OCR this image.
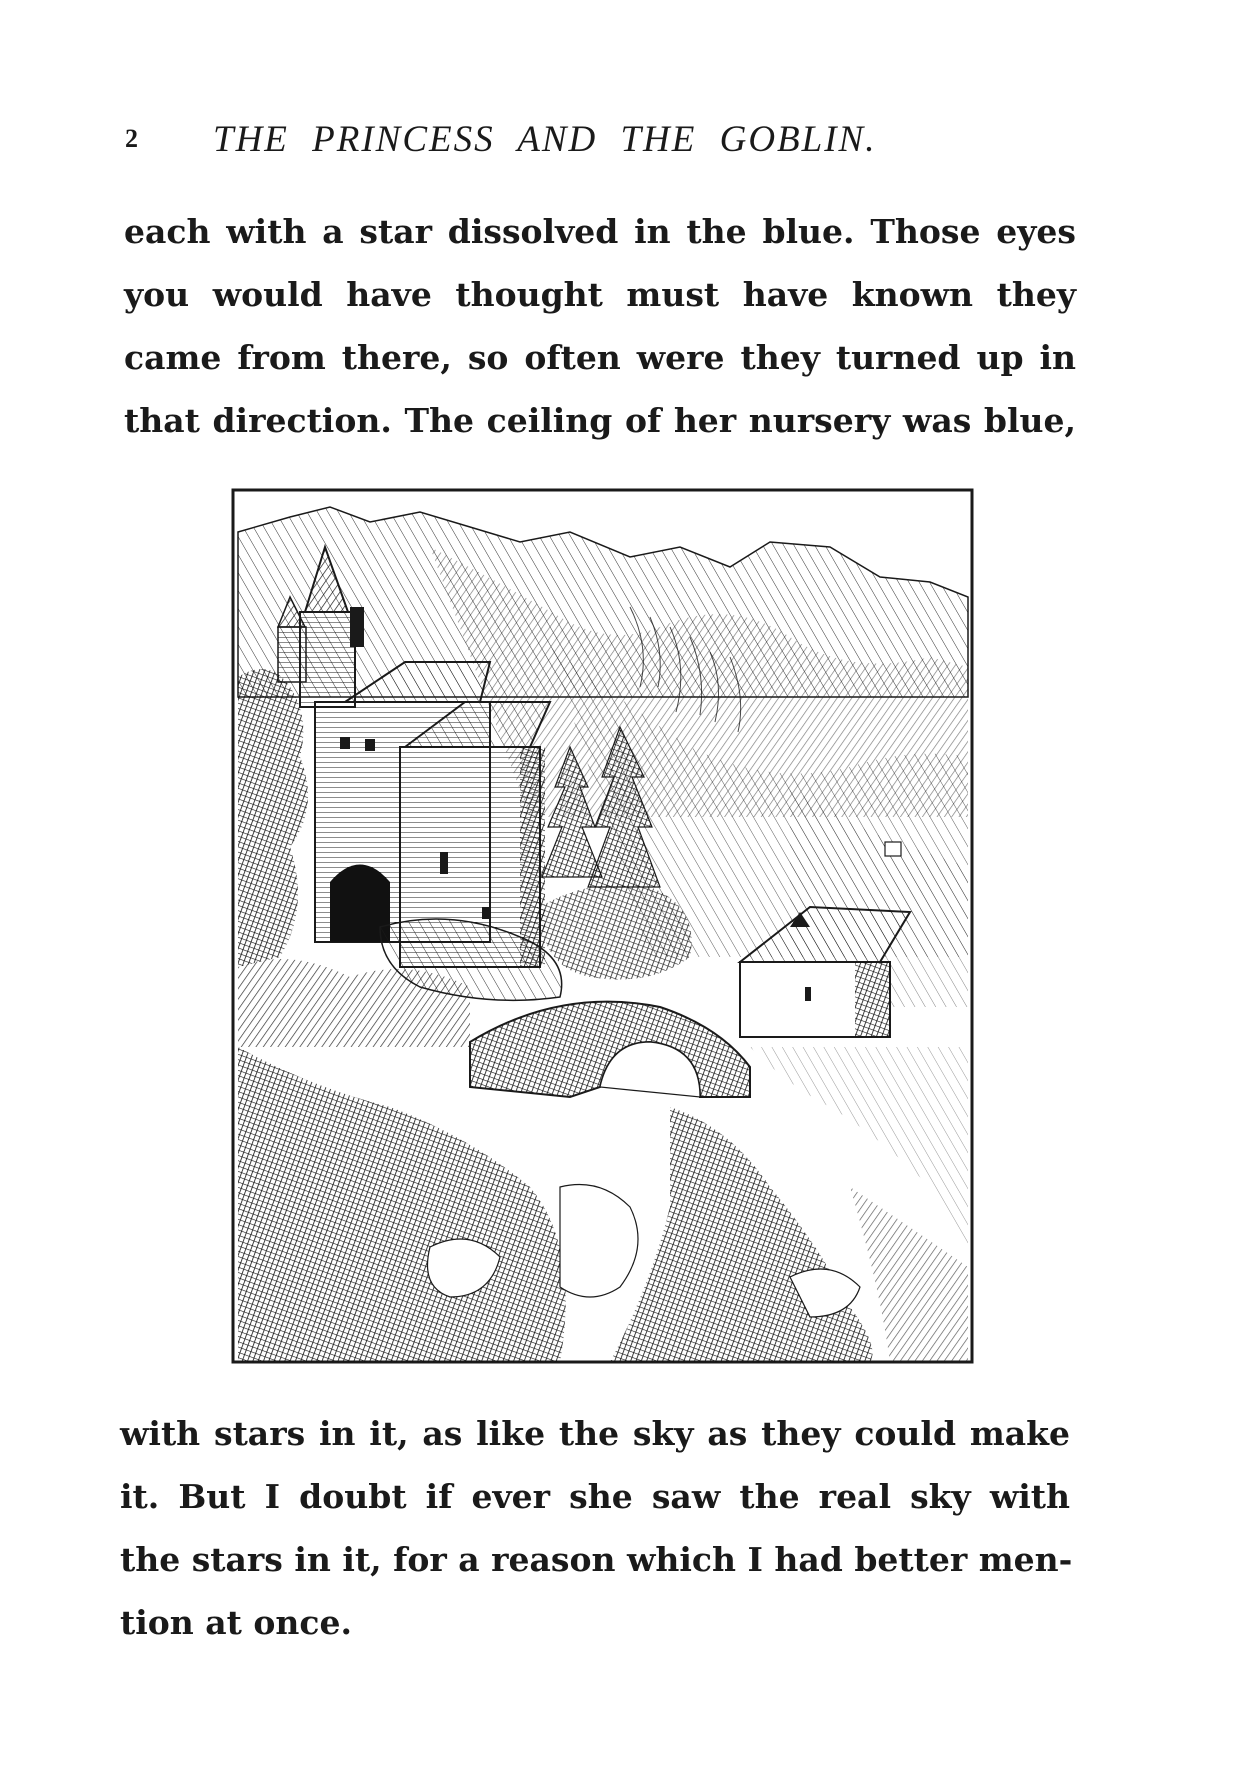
2 THE PRINCESS AND THE GOBLIN.
each with a star dissolved in the blue. Those eyes
you would have thought must have known they
came from there, so often were they turned up in
that direction. The ceiling of her nursery was blue,
with stars in it, as like the sky as they could make
it. But I doubt if ever she saw the real sky with
the stars in it, for a reason which I had better men-
tion at once.
